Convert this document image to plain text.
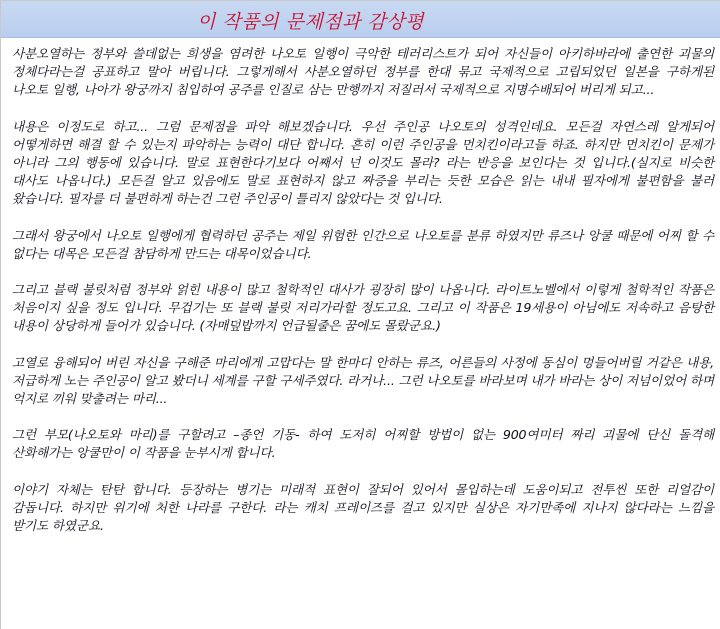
이 작품의 문제점과 감상평

사분오열하는 정부와 쓸데없는 희생을 염려한 나오토 일행이 극악한 테러리스트가 되어 자신들이 아키하바라에 출연한 괴물의 정체다라는걸 공표하고 말아 버립니다. 그렇게해서 사분오열하던 정부를 한대 묶고 국제적으로 고립되었던 일본을 구하게된 나오토 일행, 나아가 왕궁까지 침입하여 공주를 인질로 삼는 만행까지 저질러서 국제적으로 지명수배되어 버리게 되고...

내용은 이정도로 하고... 그럼 문제점을 파악 해보겠습니다. 우선 주인공 나오토의 성격인데요. 모든걸 자연스레 알게되어 어떻게하면 해결 할 수 있는지 파악하는 능력이 대단 합니다. 흔히 이런 주인공을 먼치킨이라고들 하죠. 하지만 먼치킨이 문제가 아니라 그의 행동에 있습니다. 말로 표현한다기보다 어째서 넌 이것도 몰라? 라는 반응을 보인다는 것 입니다.(실지로 비슷한 대사도 나옵니다.) 모든걸 알고 있음에도 말로 표현하지 않고 짜증을 부리는 듯한 모습은 읽는 내내 필자에게 불편함을 불러 왔습니다. 필자를 더 불편하게 하는건 그런 주인공이 틀리지 않았다는 것 입니다.

그래서 왕궁에서 나오토 일행에게 협력하던 공주는 제일 위험한 인간으로 나오토를 분류 하였지만 류즈나 앙쿨 때문에 어찌 할 수 없다는 대목은 모든걸 참담하게 만드는 대목이었습니다.

그리고 블랙 불릿처럼 정부와 얽힌 내용이 많고 철학적인 대사가 굉장히 많이 나옵니다. 라이트노벨에서 이렇게 철학적인 작품은 처음이지 싶을 정도 입니다. 무겁기는 또 블랙 불릿 저리가라할 정도고요. 그리고 이 작품은 19세용이 아님에도 저속하고 음탕한 내용이 상당하게 들어가 있습니다. (자매덮밥까지 언급될줄은 꿈에도 몰랐군요.)

고열로 융해되어 버린 자신을 구해준 마리에게 고맙다는 말 한마디 안하는 류즈, 어른들의 사정에 동심이 멍들어버릴 거같은 내용, 저급하게 노는 주인공이 알고 봤더니 세계를 구할 구세주였다. 라거나... 그런 나오토를 바라보며 내가 바라는 상이 저넘이었어 하며 억지로 끼워 맞출려는 마리...

그런 부모(나오토와 마리)를 구할려고 –종언 기동- 하여 도저히 어찌할 방법이 없는 900여미터 짜리 괴물에 단신 돌격해 산화해가는 앙쿨만이 이 작품을 눈부시게 합니다.

이야기 자체는 탄탄 합니다. 등장하는 병기는 미래적 표현이 잘되어 있어서 몰입하는데 도움이되고 전투씬 또한 리얼감이 감돕니다. 하지만 위기에 처한 나라를 구한다. 라는 캐치 프레이즈를 걸고 있지만 실상은 자기만족에 지나지 않다라는 느낌을 받기도 하였군요.
